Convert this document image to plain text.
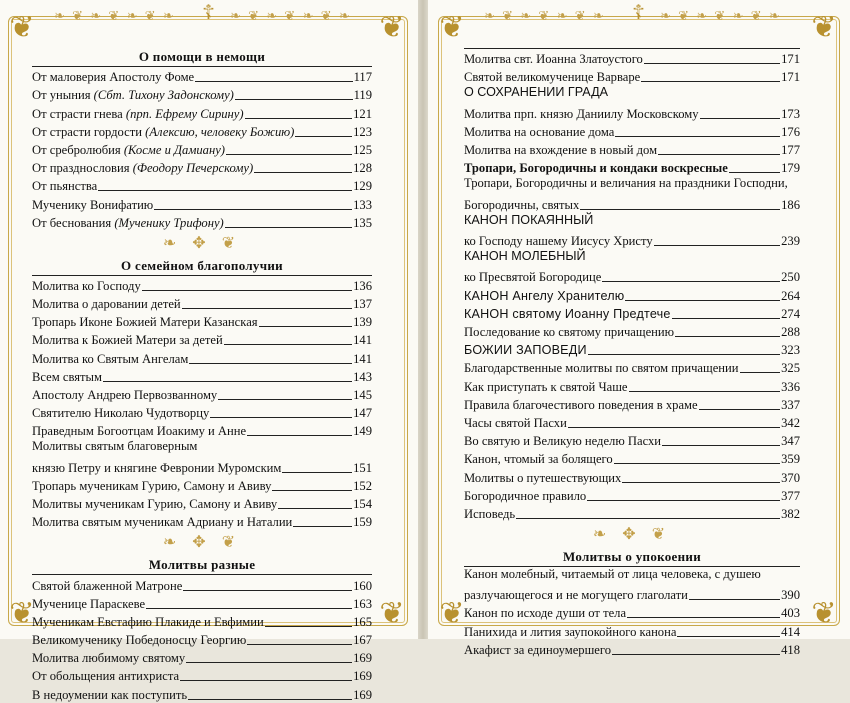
❦	❦
❦	❦
☦
❧ ❦ ❧ ❦ ❧ ❦ ❧	❧ ❦ ❧ ❦ ❧ ❦ ❧
О помощи в немощи
От маловерия Апостолу Фоме	117
От уныния (Сбт. Тихону Задонскому)	119
От страсти гнева (прп. Ефрему Сирину)	121
От страсти гордости (Алексию, человеку Божию)	123
От сребролюбия (Косме и Дамиану)	125
От празднословия (Феодору Печерскому)	128
От пьянства	129
Мученику Вонифатию	133
От беснования (Мученику Трифону)	135
❧ ✥ ❦
О семейном благополучии
Молитва ко Господу	136
Молитва о даровании детей	137
Тропарь Иконе Божией Матери Казанская	139
Молитва к Божией Матери за детей	141
Молитва ко Святым Ангелам	141
Всем святым	143
Апостолу Андрею Первозванному	145
Святителю Николаю Чудотворцу	147
Праведным Богоотцам Иоакиму и Анне	149
Молитвы святым благоверным
князю Петру и княгине Февронии Муромским	151
Тропарь мученикам Гурию, Самону и Авиву	152
Молитвы мученикам Гурию, Самону и Авиву	154
Молитва святым мученикам Адриану и Наталии	159
❧ ✥ ❦
Молитвы разные
Святой блаженной Матроне	160
Мученице Параскеве	163
Мученикам Евстафию Плакиде и Евфимии	165
Великомученику Победоносцу Георгию	167
Молитва любимому святому	169
От обольщения антихриста	169
В недоумении как поступить	169
❦	❦
❦	❦
☦
❧ ❦ ❧ ❦ ❧ ❦ ❧	❧ ❦ ❧ ❦ ❧ ❦ ❧
Молитва свт. Иоанна Златоустого	171
Святой великомученице Варваре	171
О СОХРАНЕНИИ ГРАДА
Молитва прп. князю Даниилу Московскому	173
Молитва на основание дома	176
Молитва на вхождение в новый дом	177
Тропари, Богородичны и кондаки воскресные	179
Тропари, Богородичны и величания на праздники Господни,
Богородичны, святых	186
КАНОН ПОКАЯННЫЙ
ко Господу нашему Иисусу Христу	239
КАНОН МОЛЕБНЫЙ
ко Пресвятой Богородице	250
КАНОН Ангелу Хранителю	264
КАНОН святому Иоанну Предтече	274
Последование ко святому причащению	288
БОЖИИ ЗАПОВЕДИ	323
Благодарственные молитвы по святом причащении	325
Как приступать к святой Чаше	336
Правила благочестивого поведения в храме	337
Часы святой Пасхи	342
Во святую и Великую неделю Пасхи	347
Канон, чтомый за болящего	359
Молитвы о путешествующих	370
Богородичное правило	377
Исповедь	382
❧ ✥ ❦
Молитвы о упокоении
Канон молебный, читаемый от лица человека, с душею
разлучающегося и не могущего глаголати	390
Канон по исходе души от тела	403
Панихида и лития заупокойного канона	414
Акафист за единоумершего	418
